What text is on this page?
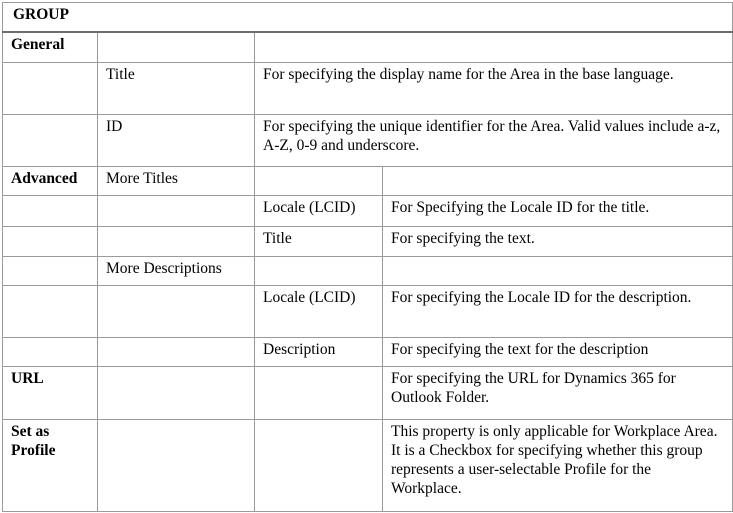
GROUP			
General			
	Title	For specifying the display name for the Area in the base language.	
	ID	For specifying the unique identifier for the Area. Valid values include a-z, A-Z, 0-9 and underscore.	
Advanced	More Titles		
		Locale (LCID)	For Specifying the Locale ID for the title.
		Title	For specifying the text.
	More Descriptions		
		Locale (LCID)	For specifying the Locale ID for the description.
		Description	For specifying the text for the description
URL			For specifying the URL for Dynamics 365 for Outlook Folder.
Set as Profile			This property is only applicable for Workplace Area. It is a Checkbox for specifying whether this group represents a user-selectable Profile for the Workplace.
